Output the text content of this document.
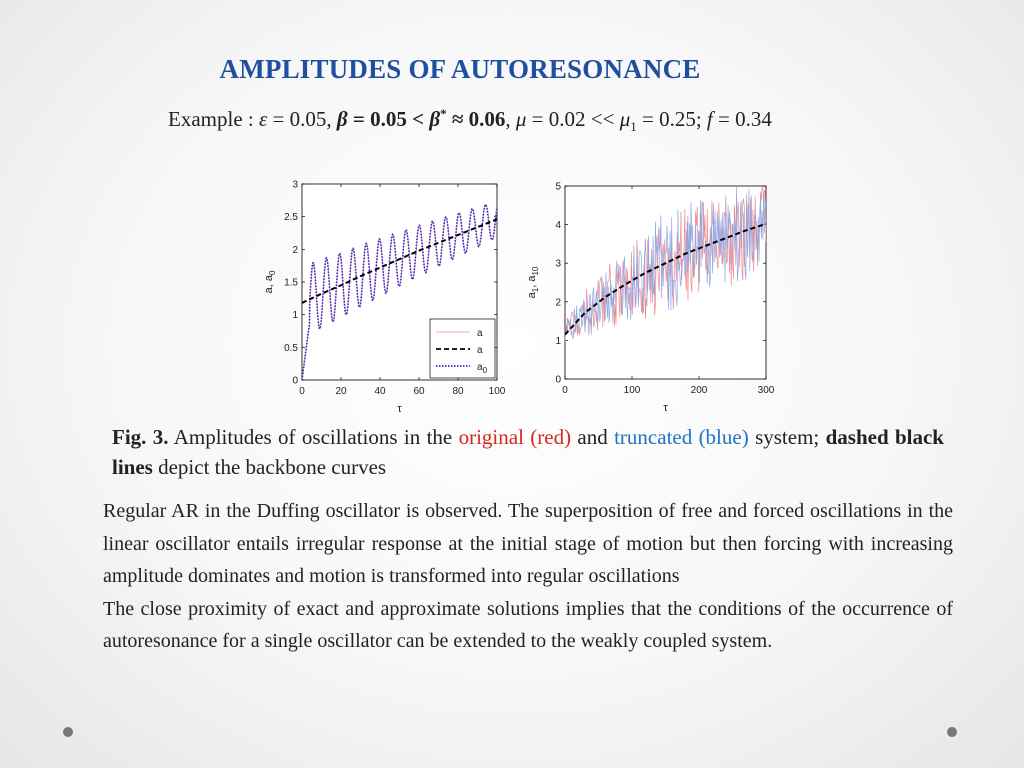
AMPLITUDES OF AUTORESONANCE
Example : ε = 0.05, β = 0.05 < β* ≈ 0.06, $\mu = 0.02 << \mu_1 = 0.25$; f = 0.34
0	20	40	60	80	100
0
0.5
1
1.5
2
2.5
3
τ
a, $a_0$
a
a
$a_0$
0	100	200	300
0
1
2
3
4
5
τ
$a_1$, $a_{10}$
Fig. 3. Amplitudes of oscillations in the original (red) and truncated (blue) system; dashed black lines depict the backbone curves

Regular AR in the Duffing oscillator is observed. The superposition of free and forced oscillations in the linear oscillator entails irregular response at the initial stage of motion but then forcing with increasing amplitude dominates and motion is transformed into regular oscillations

The close proximity of exact and approximate solutions implies that the conditions of the occurrence of autoresonance for a single oscillator can be extended to the weakly coupled system.
